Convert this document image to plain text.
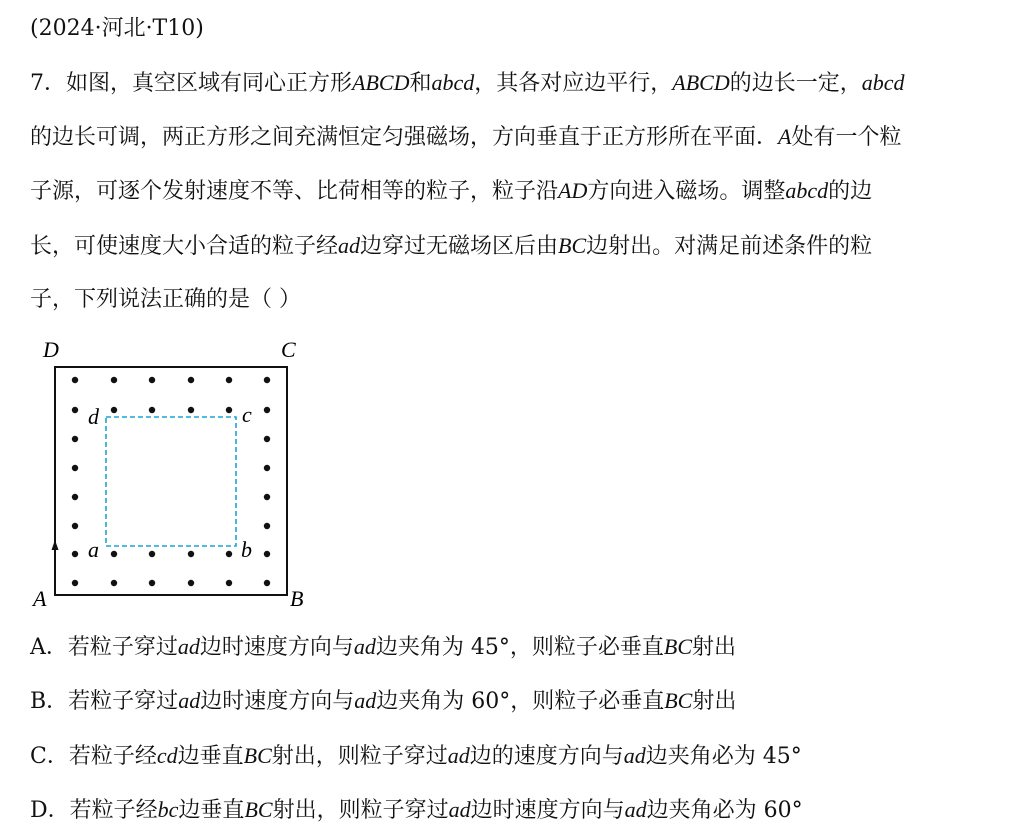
(2024·河北·T10)
7．如图，真空区域有同心正方形ABCD和abcd，其各对应边平行，ABCD的边长一定，abcd
的边长可调，两正方形之间充满恒定匀强磁场，方向垂直于正方形所在平面．A处有一个粒
子源，可逐个发射速度不等、比荷相等的粒子，粒子沿AD方向进入磁场。调整abcd的边
长，可使速度大小合适的粒子经ad边穿过无磁场区后由BC边射出。对满足前述条件的粒
子，下列说法正确的是（ ）
D	C
A	B
d	c
a	b
A．若粒子穿过ad边时速度方向与ad边夹角为 45°，则粒子必垂直BC射出
B．若粒子穿过ad边时速度方向与ad边夹角为 60°，则粒子必垂直BC射出
C．若粒子经cd边垂直BC射出，则粒子穿过ad边的速度方向与ad边夹角必为 45°
D．若粒子经bc边垂直BC射出，则粒子穿过ad边时速度方向与ad边夹角必为 60°
